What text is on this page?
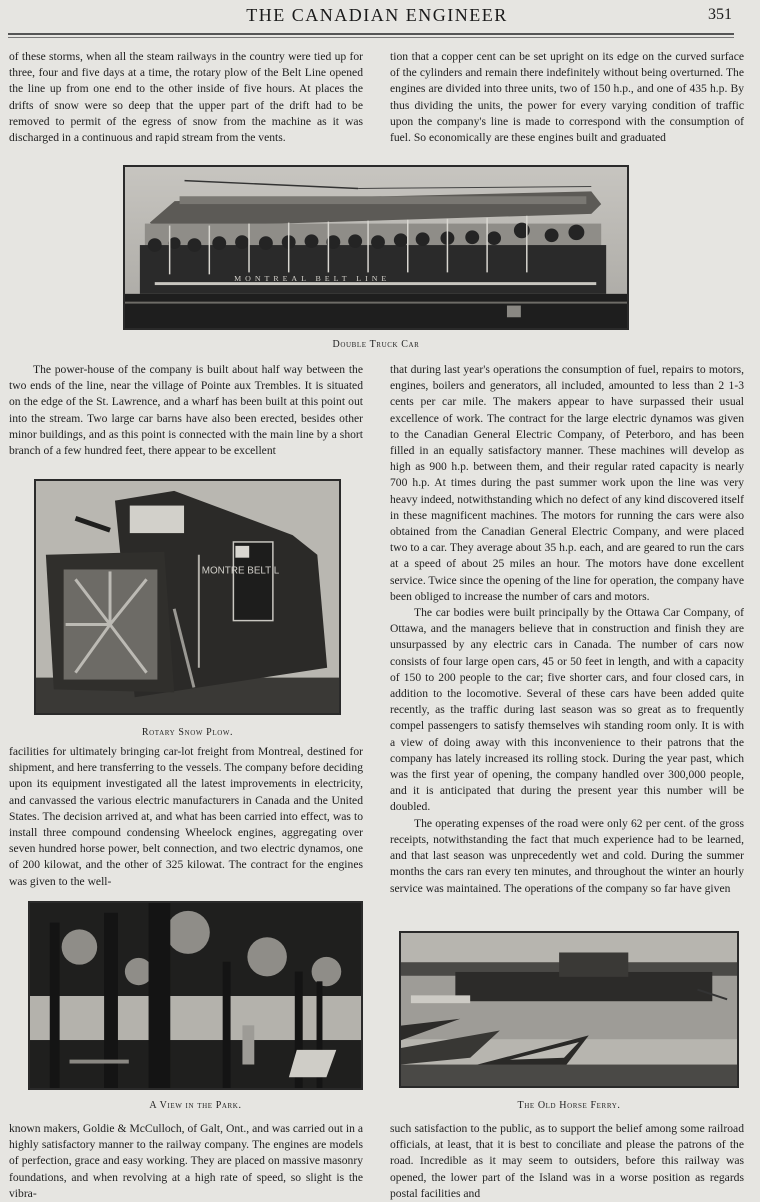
THE CANADIAN ENGINEER	351

of these storms, when all the steam railways in the country were tied up for three, four and five days at a time, the rotary plow of the Belt Line opened the line up from one end to the other inside of five hours. At places the drifts of snow were so deep that the upper part of the drift had to be removed to permit of the egress of snow from the machine as it was discharged in a continuous and rapid stream from the vents.

tion that a copper cent can be set upright on its edge on the curved surface of the cylinders and remain there indefinitely without being overturned. The engines are divided into three units, two of 150 h.p., and one of 435 h.p. By thus dividing the units, the power for every varying condition of traffic upon the company's line is made to correspond with the consumption of fuel. So economically are these engines built and graduated

MONTREAL BELT LINE
Double Truck Car

The power-house of the company is built about half way between the two ends of the line, near the village of Pointe aux Trembles. It is situated on the edge of the St. Lawrence, and a wharf has been built at this point out into the stream. Two large car barns have also been erected, besides other minor buildings, and as this point is connected with the main line by a short branch of a few hundred feet, there appear to be excellent

MONTRE BELT L
Rotary Snow Plow.

facilities for ultimately bringing car-lot freight from Montreal, destined for shipment, and here transferring to the vessels. The company before deciding upon its equipment investigated all the latest improvements in electricity, and canvassed the various electric manufacturers in Canada and the United States. The decision arrived at, and what has been carried into effect, was to install three compound condensing Wheelock engines, aggregating over seven hundred horse power, belt connection, and two electric dynamos, one of 200 kilowat, and the other of 325 kilowat. The contract for the engines was given to the well-

that during last year's operations the consumption of fuel, repairs to motors, engines, boilers and generators, all included, amounted to less than 2 1-3 cents per car mile. The makers appear to have surpassed their usual excellence of work. The contract for the large electric dynamos was given to the Canadian General Electric Company, of Peterboro, and has been filled in an equally satisfactory manner. These machines will develop as high as 900 h.p. between them, and their regular rated capacity is nearly 700 h.p. At times during the past summer work upon the line was very heavy indeed, notwithstanding which no defect of any kind discovered itself in these magnificent machines. The motors for running the cars were also obtained from the Canadian General Electric Company, and were placed two to a car. They average about 35 h.p. each, and are geared to run the cars at a speed of about 25 miles an hour. The motors have done excellent service. Twice since the opening of the line for operation, the company have been obliged to increase the number of cars and motors.

The car bodies were built principally by the Ottawa Car Company, of Ottawa, and the managers believe that in construction and finish they are unsurpassed by any electric cars in Canada. The number of cars now consists of four large open cars, 45 or 50 feet in length, and with a capacity of 150 to 200 people to the car; five shorter cars, and four closed cars, in addition to the locomotive. Several of these cars have been added quite recently, as the traffic during last season was so great as to frequently compel passengers to satisfy themselves wih standing room only. It is with a view of doing away with this inconvenience to their patrons that the company has lately increased its rolling stock. During the year past, which was the first year of opening, the company handled over 300,000 people, and it is anticipated that during the present year this number will be doubled.

The operating expenses of the road were only 62 per cent. of the gross receipts, notwithstanding the fact that much experience had to be learned, and that last season was unprecedently wet and cold. During the summer months the cars ran every ten minutes, and throughout the winter an hourly service was maintained. The operations of the company so far have given

A View in the Park.	The Old Horse Ferry.

known makers, Goldie & McCulloch, of Galt, Ont., and was carried out in a highly satisfactory manner to the railway company. The engines are models of perfection, grace and easy working. They are placed on massive masonry foundations, and when revolving at a high rate of speed, so slight is the vibra-

such satisfaction to the public, as to support the belief among some railroad officials, at least, that it is best to conciliate and please the patrons of the road. Incredible as it may seem to outsiders, before this railway was opened, the lower part of the Island was in a worse position as regards postal facilities and
